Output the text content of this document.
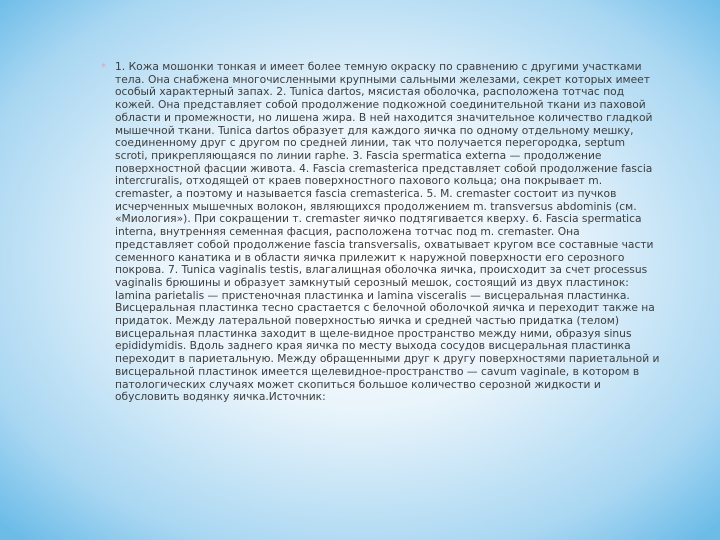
* 1. Кожа мошонки тонкая и имеет более темную окраску по сравнению с другими участками тела. Она снабжена многочисленными крупными сальными железами, секрет которых имеет особый характерный запах. 2. Tunica dartos, мясистая оболочка, расположена тотчас под кожей. Она представляет собой продолжение подкожной соединительной ткани из паховой области и промежности, но лишена жира. В ней находится значительное количество гладкой мышечной ткани. Tunica dartos образует для каждого яичка по одному отдельному мешку, соединенному друг с другом по средней линии, так что получается перегородка, septum scroti, прикрепляющаяся по линии raphe. 3. Fascia spermatica externa — продолжение поверхностной фасции живота. 4. Fascia cremasterica представляет собой продолжение fascia intercruralis, отходящей от краев поверхностного пахового кольца; она покрывает m. cremaster, а поэтому и называется fascia cremasterica. 5. M. cremaster состоит из пучков исчерченных мышечных волокон, являющихся продолжением m. transversus abdominis (см. «Миология»). При сокращении т. cremaster яичко подтягивается кверху. 6. Fascia spermatica interna, внутренняя семенная фасция, расположена тотчас под m. cremaster. Она представляет собой продолжение fascia transversalis, охватывает кругом все составные части семенного канатика и в области яичка прилежит к наружной поверхности его серозного покрова. 7. Tunica vaginalis testis, влагалищная оболочка яичка, происходит за счет processus vaginalis брюшины и образует замкнутый серозный мешок, состоящий из двух пластинок: lamina parietalis — пристеночная пластинка и lamina visceralis — висцеральная пластинка. Висцеральная пластинка тесно срастается с белочной оболочкой яичка и переходит также на придаток. Между латеральной поверхностью яичка и средней частью придатка (телом) висцеральная пластинка заходит в щеле-видное пространство между ними, образуя sinus epididymidis. Вдоль заднего края яичка по месту выхода сосудов висцеральная пластинка переходит в париетальную. Между обращенными друг к другу поверхностями париетальной и висцеральной пластинок имеется щелевидное-пространство — cavum vaginale, в котором в патологических случаях может скопиться большое количество серозной жидкости и обусловить водянку яичка.Источник:
